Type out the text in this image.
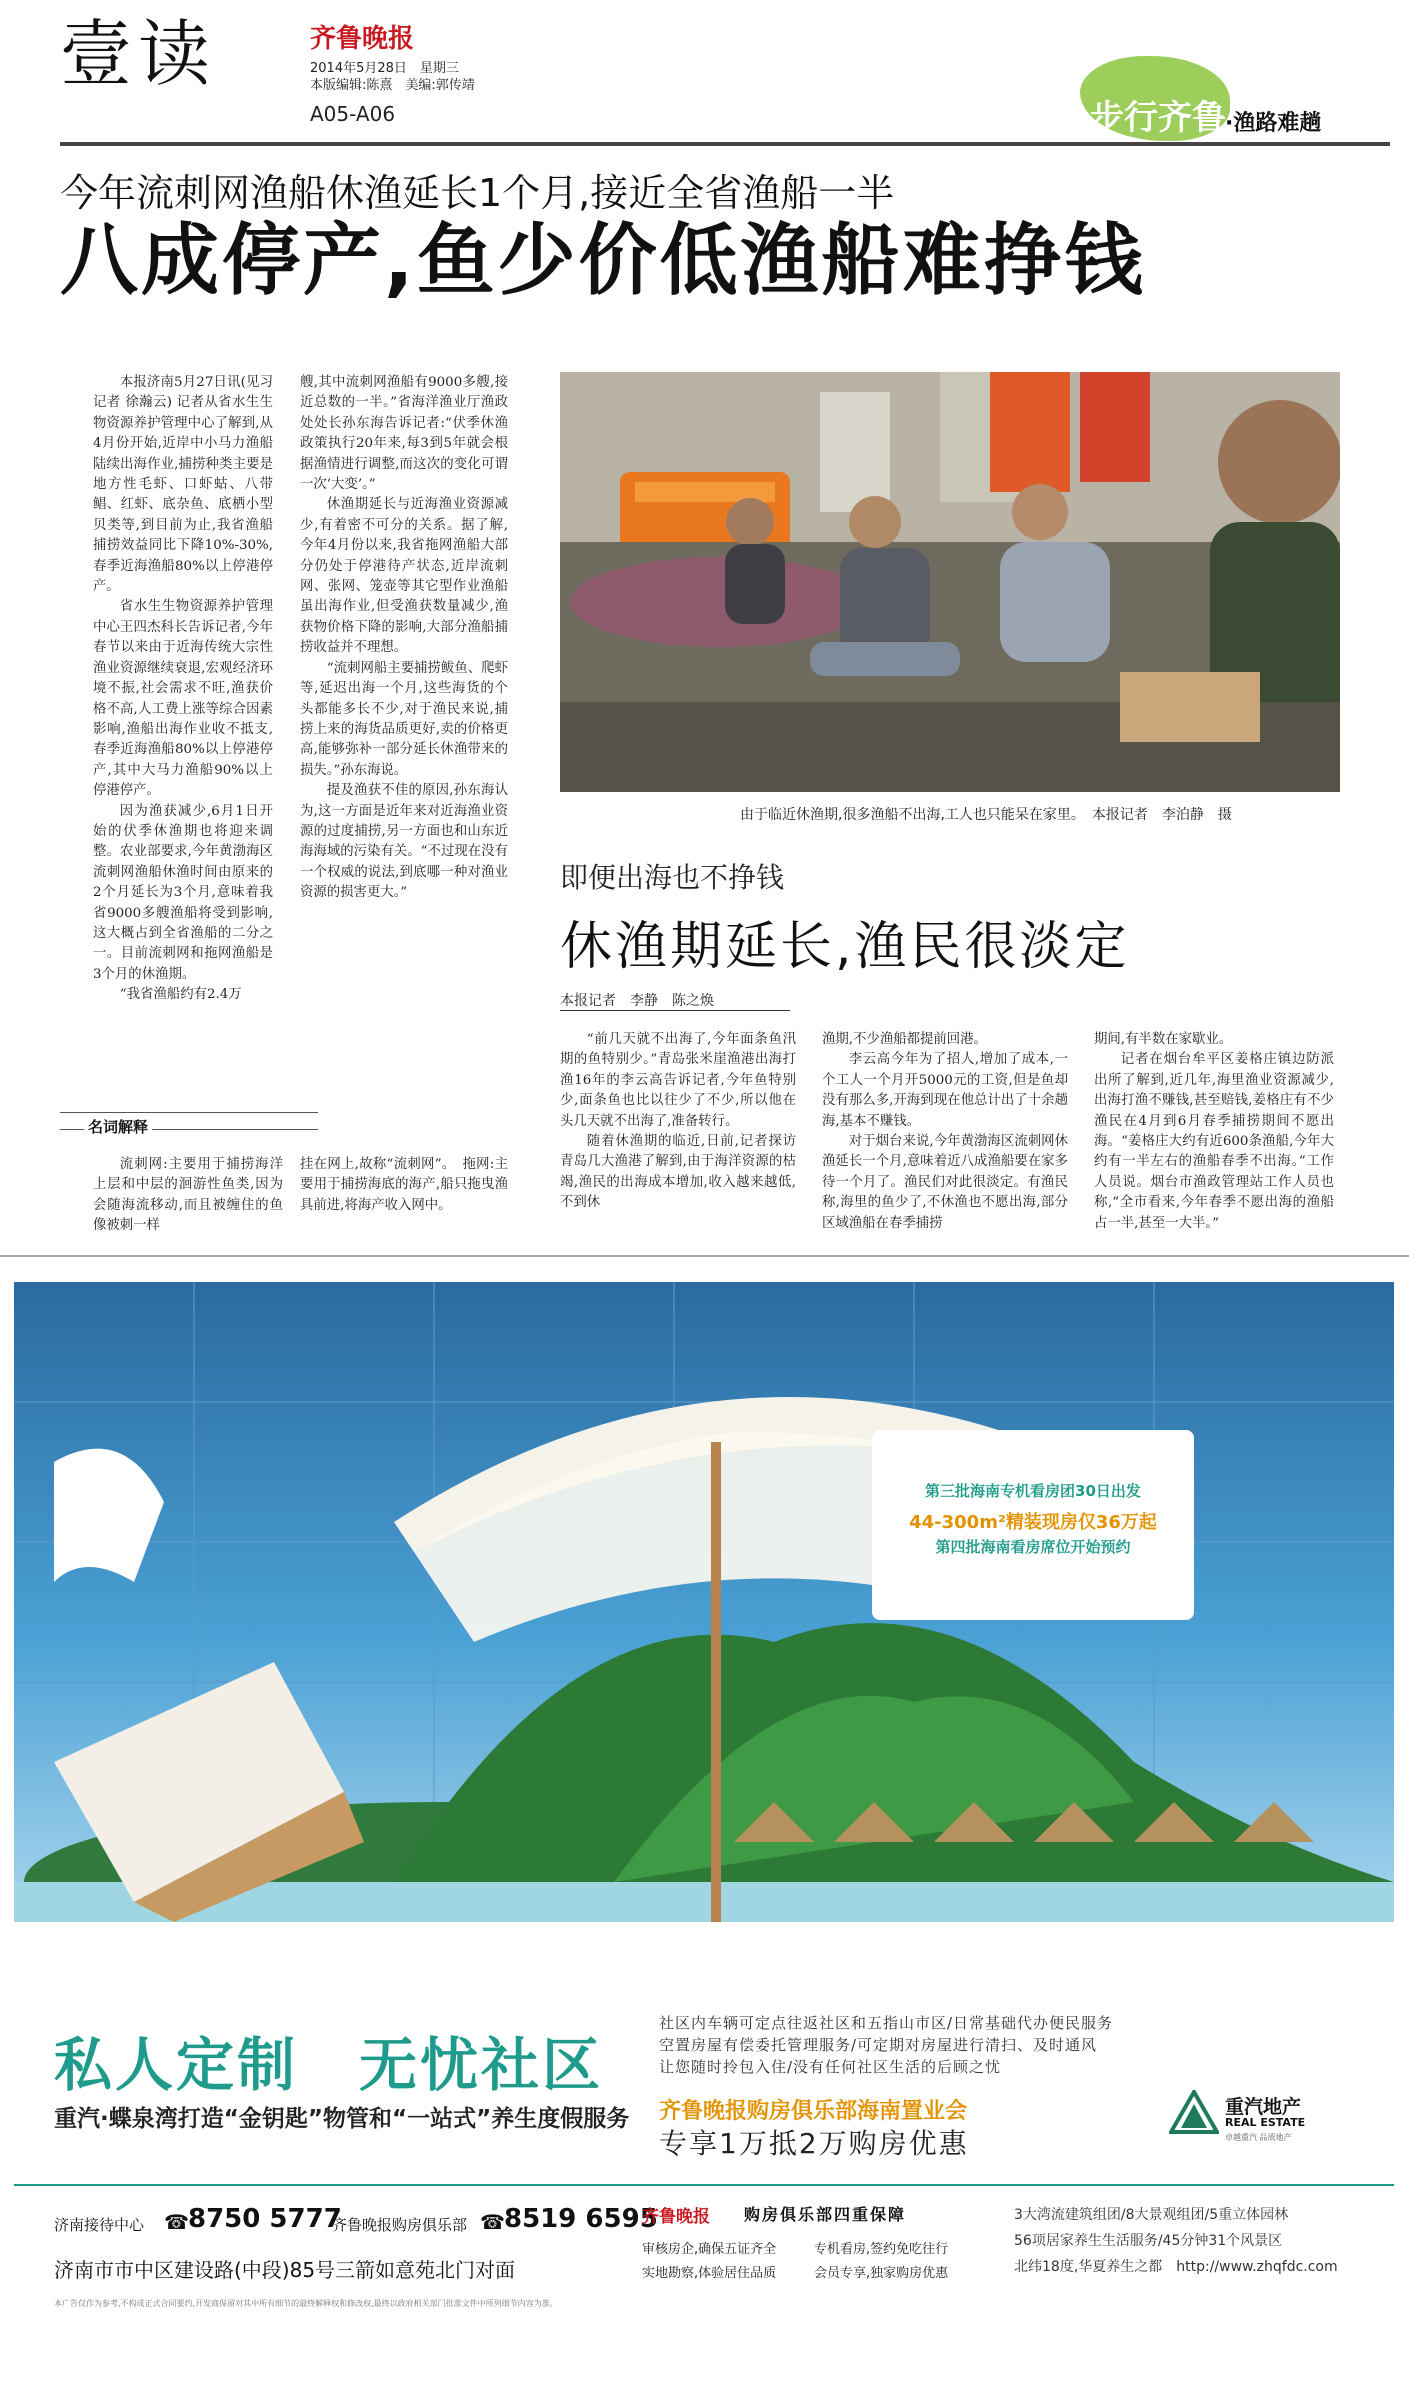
壹读	齐鲁晚报
2014年5月28日　星期三
本版编辑:陈熹　美编:郭传靖
A05-A06	步行齐鲁 ·渔路难趟
今年流刺网渔船休渔延长1个月,接近全省渔船一半
八成停产,鱼少价低渔船难挣钱

本报济南5月27日讯(见习记者 徐瀚云) 记者从省水生生物资源养护管理中心了解到,从4月份开始,近岸中小马力渔船陆续出海作业,捕捞种类主要是地方性毛虾、口虾蛄、八带鲳、红虾、底杂鱼、底栖小型贝类等,到目前为止,我省渔船捕捞效益同比下降10%-30%,春季近海渔船80%以上停港停产。

省水生生物资源养护管理中心王四杰科长告诉记者,今年春节以来由于近海传统大宗性渔业资源继续衰退,宏观经济环境不振,社会需求不旺,渔获价格不高,人工费上涨等综合因素影响,渔船出海作业收不抵支,春季近海渔船80%以上停港停产,其中大马力渔船90%以上停港停产。

因为渔获减少,6月1日开始的伏季休渔期也将迎来调整。农业部要求,今年黄渤海区流刺网渔船休渔时间由原来的2个月延长为3个月,意味着我省9000多艘渔船将受到影响,这大概占到全省渔船的二分之一。目前流刺网和拖网渔船是3个月的休渔期。

“我省渔船约有2.4万

艘,其中流刺网渔船有9000多艘,接近总数的一半。”省海洋渔业厅渔政处处长孙东海告诉记者:“伏季休渔政策执行20年来,每3到5年就会根据渔情进行调整,而这次的变化可谓一次‘大变’。”

休渔期延长与近海渔业资源减少,有着密不可分的关系。据了解,今年4月份以来,我省拖网渔船大部分仍处于停港待产状态,近岸流刺网、张网、笼壶等其它型作业渔船虽出海作业,但受渔获数量减少,渔获物价格下降的影响,大部分渔船捕捞收益并不理想。

“流刺网船主要捕捞鲅鱼、爬虾等,延迟出海一个月,这些海货的个头都能多长不少,对于渔民来说,捕捞上来的海货品质更好,卖的价格更高,能够弥补一部分延长休渔带来的损失。”孙东海说。

提及渔获不佳的原因,孙东海认为,这一方面是近年来对近海渔业资源的过度捕捞,另一方面也和山东近海海域的污染有关。“不过现在没有一个权威的说法,到底哪一种对渔业资源的损害更大。”

由于临近休渔期,很多渔船不出海,工人也只能呆在家里。　本报记者　李泊静　摄
即便出海也不挣钱
休渔期延长,渔民很淡定
本报记者　李静　陈之焕

“前几天就不出海了,今年面条鱼汛期的鱼特别少。”青岛张米崖渔港出海打渔16年的李云高告诉记者,今年鱼特别少,面条鱼也比以往少了不少,所以他在头几天就不出海了,准备转行。

随着休渔期的临近,日前,记者探访青岛几大渔港了解到,由于海洋资源的枯竭,渔民的出海成本增加,收入越来越低,不到休

渔期,不少渔船都提前回港。

李云高今年为了招人,增加了成本,一个工人一个月开5000元的工资,但是鱼却没有那么多,开海到现在他总计出了十余趟海,基本不赚钱。

对于烟台来说,今年黄渤海区流刺网休渔延长一个月,意味着近八成渔船要在家多待一个月了。渔民们对此很淡定。有渔民称,海里的鱼少了,不休渔也不愿出海,部分区域渔船在春季捕捞

期间,有半数在家歇业。

记者在烟台牟平区姜格庄镇边防派出所了解到,近几年,海里渔业资源减少,出海打渔不赚钱,甚至赔钱,姜格庄有不少渔民在4月到6月春季捕捞期间不愿出海。“姜格庄大约有近600条渔船,今年大约有一半左右的渔船春季不出海。”工作人员说。烟台市渔政管理站工作人员也称,“全市看来,今年春季不愿出海的渔船占一半,甚至一大半。”

名词解释

流刺网:主要用于捕捞海洋上层和中层的洄游性鱼类,因为会随海流移动,而且被缠住的鱼像被刺一样

挂在网上,故称“流刺网”。　拖网:主要用于捕捞海底的海产,船只拖曳渔具前进,将海产收入网中。

第三批海南专机看房团30日出发
44-300m²精装现房仅36万起
第四批海南看房席位开始预约
私人定制　无忧社区
重汽·蝶泉湾打造“金钥匙”物管和“一站式”养生度假服务
社区内车辆可定点往返社区和五指山市区/日常基础代办便民服务
空置房屋有偿委托管理服务/可定期对房屋进行清扫、及时通风
让您随时拎包入住/没有任何社区生活的后顾之忧
齐鲁晚报购房俱乐部海南置业会
专享1万抵2万购房优惠
重汽地产
REAL ESTATE
卓越重汽 品质地产
济南接待中心 ☎ 8750 5777
齐鲁晚报购房俱乐部 ☎ 8519 6595
济南市市中区建设路(中段)85号三箭如意苑北门对面
本广告仅作为参考,不构成正式合同要约,开发商保留对其中所有细节的最终解释权和修改权,最终以政府相关部门批准文件中所列细节内容为准。
齐鲁晚报 购房俱乐部四重保障
审核房企,确保五证齐全	专机看房,签约免吃往行
实地勘察,体验居住品质	会员专享,独家购房优惠
3大湾流建筑组团/8大景观组团/5重立体园林
56项居家养生生活服务/45分钟31个风景区
北纬18度,华夏养生之都　http://www.zhqfdc.com
